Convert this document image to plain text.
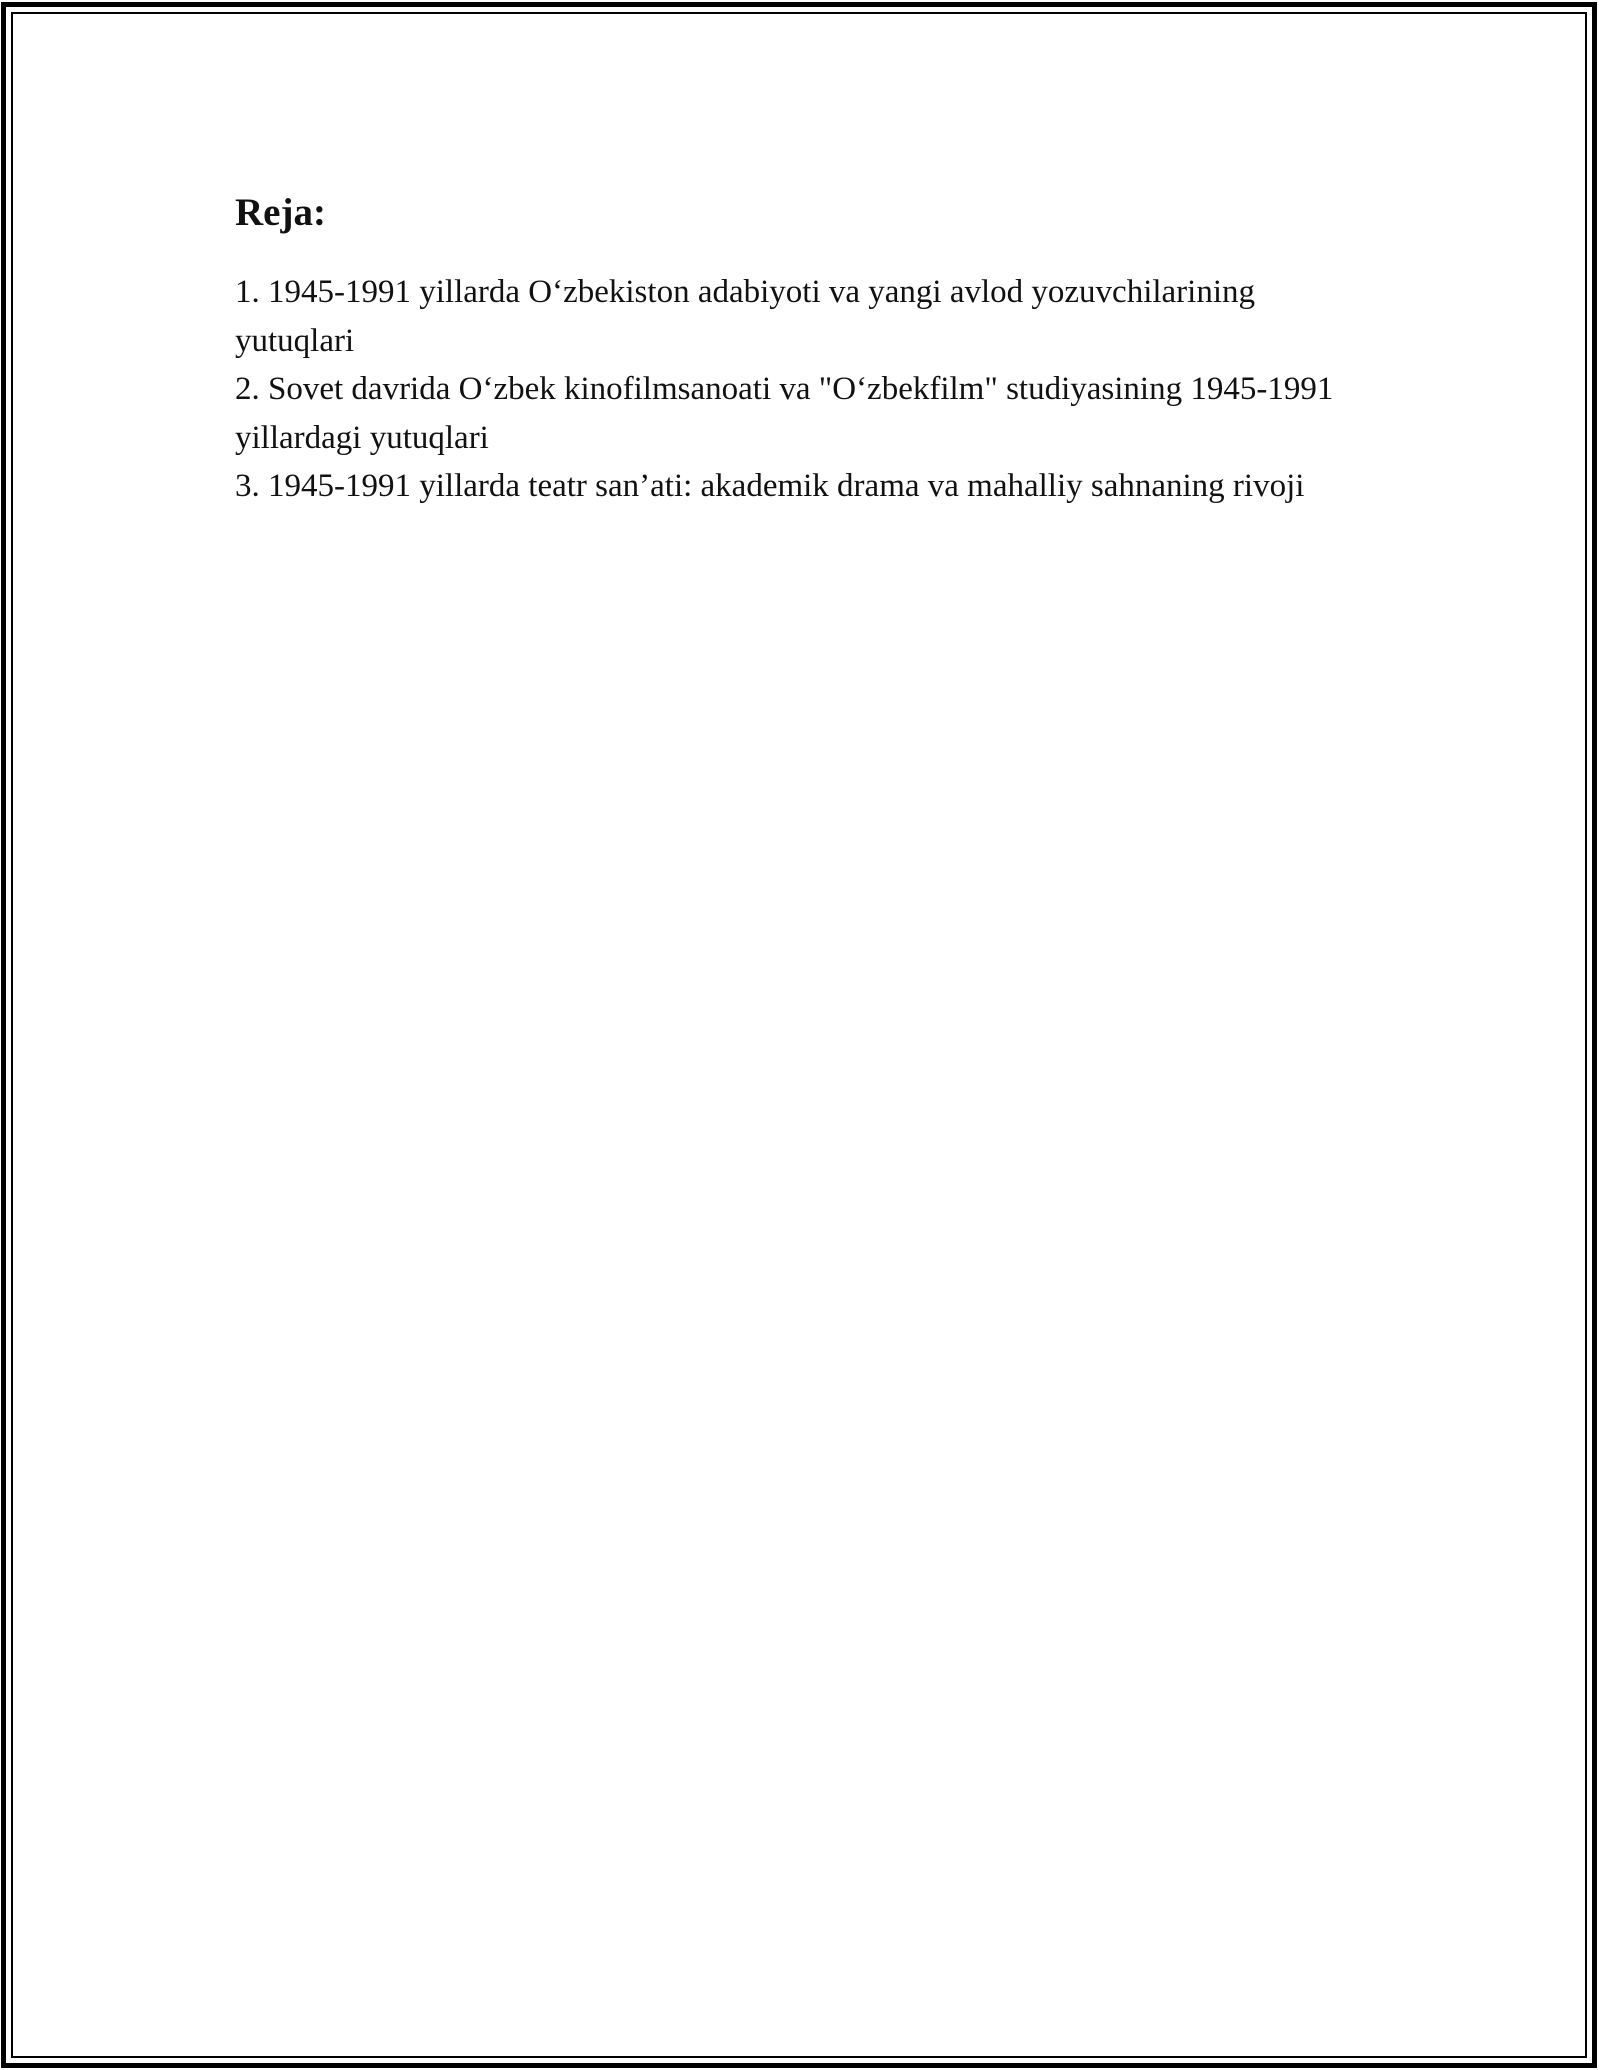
Reja:
1. 1945-1991 yillarda O‘zbekiston adabiyoti va yangi avlod yozuvchilarining yutuqlari
2. Sovet davrida O‘zbek kinofilmsanoati va "O‘zbekfilm" studiyasining 1945-1991 yillardagi yutuqlari
3. 1945-1991 yillarda teatr san’ati: akademik drama va mahalliy sahnaning rivoji
